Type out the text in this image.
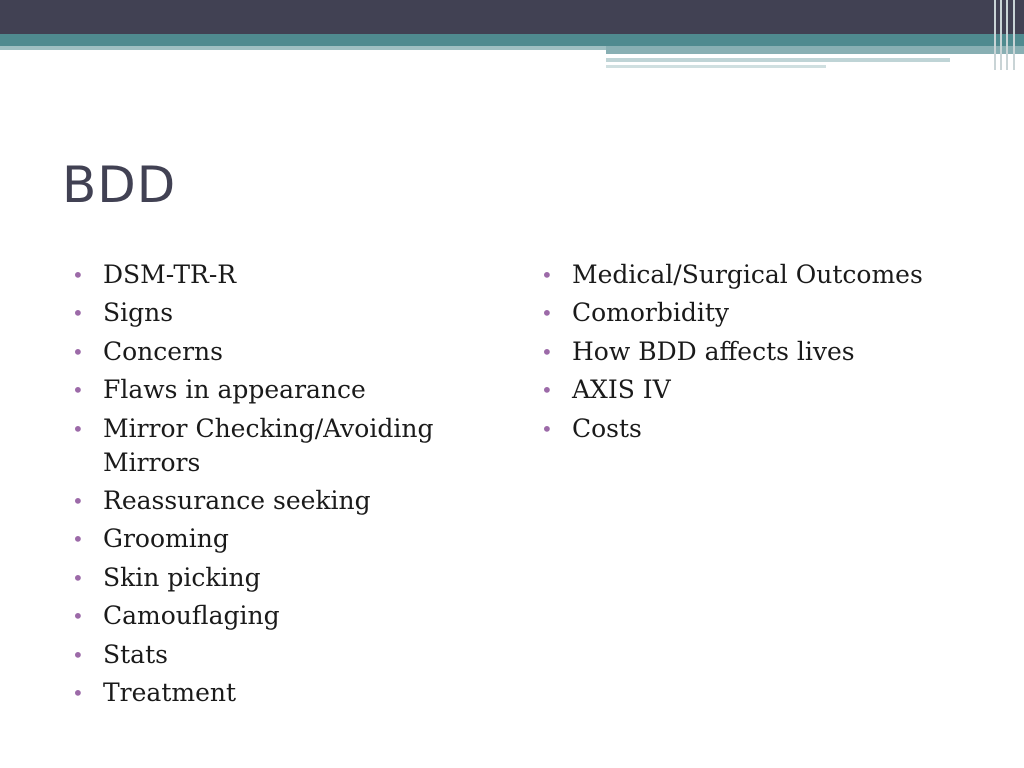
BDD
• DSM-TR-R
• Signs
• Concerns
• Flaws in appearance
• Mirror Checking/Avoiding Mirrors
• Reassurance seeking
• Grooming
• Skin picking
• Camouflaging
• Stats
• Treatment
• Medical/Surgical Outcomes
• Comorbidity
• How BDD affects lives
• AXIS IV
• Costs
